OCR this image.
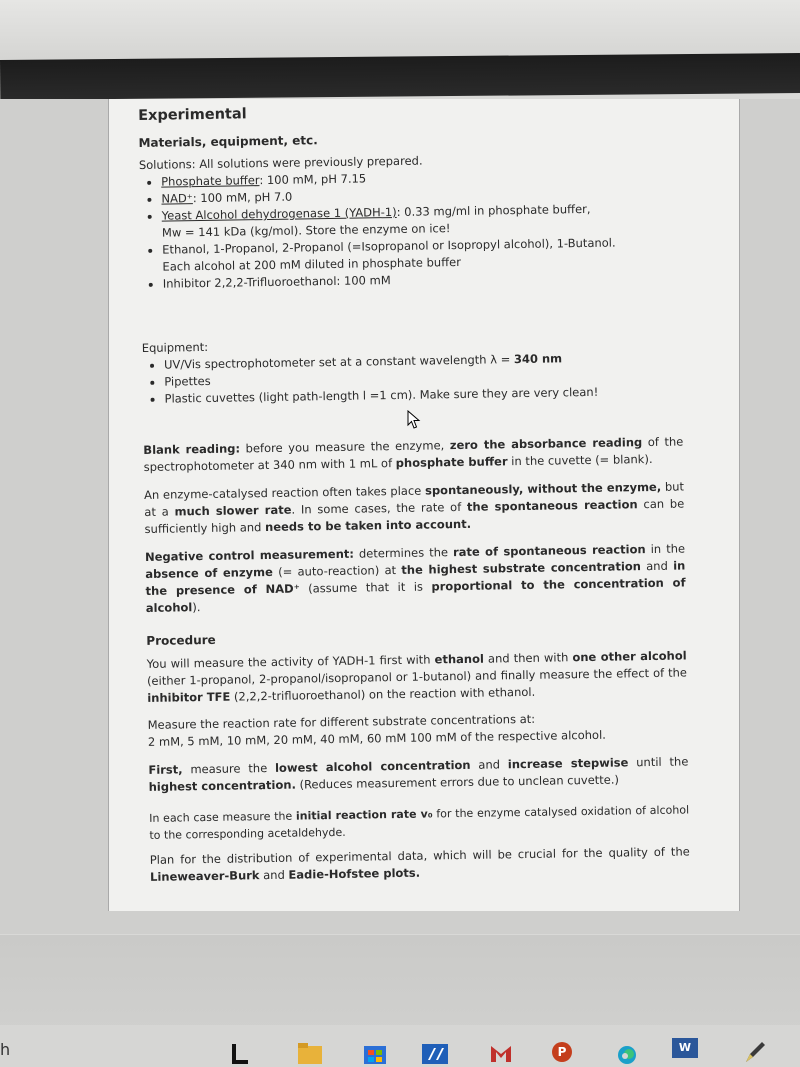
Experimental
Materials, equipment, etc.
Solutions: All solutions were previously prepared.
• Phosphate buffer: 100 mM, pH 7.15
• NAD⁺: 100 mM, pH 7.0
• Yeast Alcohol dehydrogenase 1 (YADH-1): 0.33 mg/ml in phosphate buffer,
Mw = 141 kDa (kg/mol). Store the enzyme on ice!
• Ethanol, 1-Propanol, 2-Propanol (=Isopropanol or Isopropyl alcohol), 1-Butanol.
Each alcohol at 200 mM diluted in phosphate buffer
• Inhibitor 2,2,2-Trifluoroethanol: 100 mM
Equipment:
• UV/Vis spectrophotometer set at a constant wavelength λ = 340 nm
• Pipettes
• Plastic cuvettes (light path-length l =1 cm). Make sure they are very clean!
Blank reading: before you measure the enzyme, zero the absorbance reading of the spectrophotometer at 340 nm with 1 mL of phosphate buffer in the cuvette (= blank).
An enzyme-catalysed reaction often takes place spontaneously, without the enzyme, but at a much slower rate. In some cases, the rate of the spontaneous reaction can be sufficiently high and needs to be taken into account.
Negative control measurement: determines the rate of spontaneous reaction in the absence of enzyme (= auto-reaction) at the highest substrate concentration and in the presence of NAD⁺ (assume that it is proportional to the concentration of alcohol).
Procedure
You will measure the activity of YADH-1 first with ethanol and then with one other alcohol (either 1-propanol, 2-propanol/isopropanol or 1-butanol) and finally measure the effect of the inhibitor TFE (2,2,2-trifluoroethanol) on the reaction with ethanol.
Measure the reaction rate for different substrate concentrations at:
2 mM, 5 mM, 10 mM, 20 mM, 40 mM, 60 mM 100 mM of the respective alcohol.
First, measure the lowest alcohol concentration and increase stepwise until the highest concentration. (Reduces measurement errors due to unclean cuvette.)
In each case measure the initial reaction rate v₀ for the enzyme catalysed oxidation of alcohol to the corresponding acetaldehyde.
Plan for the distribution of experimental data, which will be crucial for the quality of the Lineweaver-Burk and Eadie-Hofstee plots.
h	P	W
